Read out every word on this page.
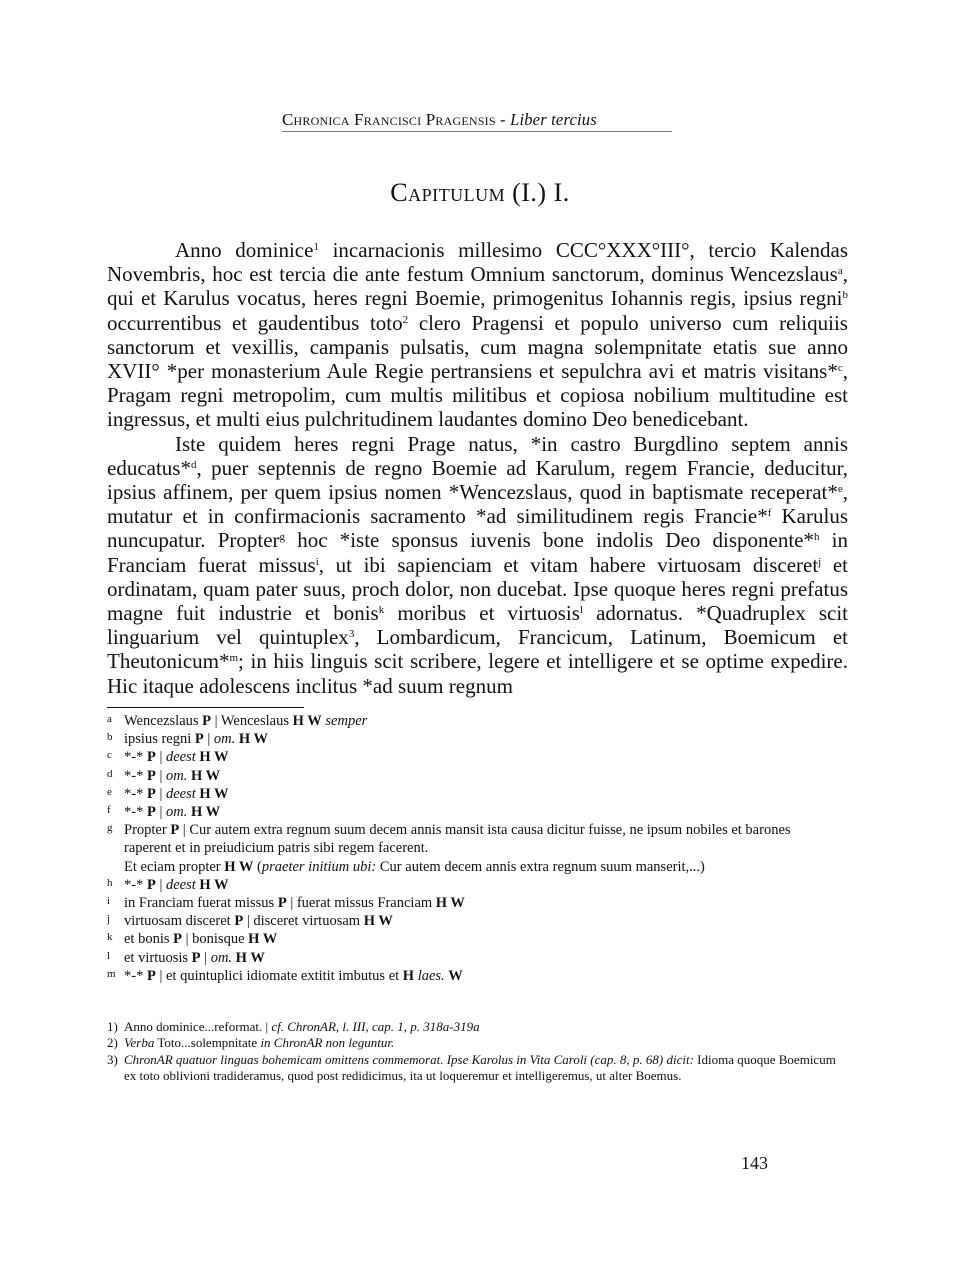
Chronica Francisci Pragensis - Liber tercius
Capitulum (I.) I.

Anno dominice$^1$ incarnacionis millesimo CCC°XXX°III°, tercio Kalendas Novembris, hoc est tercia die ante festum Omnium sanctorum, dominus Wencezslaus$^a$, qui et Karulus vocatus, heres regni Boemie, primogenitus Iohannis regis, ipsius regni$^b$ occurrentibus et gaudentibus toto$^2$ clero Pragensi et populo universo cum reliquiis sanctorum et vexillis, campanis pulsatis, cum magna solempnitate etatis sue anno XVII° *per monasterium Aule Regie pertransiens et sepulchra avi et matris visitans*$^c$, Pragam regni metropolim, cum multis militibus et copiosa nobilium multitudine est ingressus, et multi eius pulchritudinem laudantes domino Deo benedicebant.

Iste quidem heres regni Prage natus, *in castro Burgdlino septem annis educatus*$^d$, puer septennis de regno Boemie ad Karulum, regem Francie, deducitur, ipsius affinem, per quem ipsius nomen *Wencezslaus, quod in baptismate receperat*$^e$, mutatur et in confirmacionis sacramento *ad similitudinem regis Francie*$^f$ Karulus nuncupatur. Propter$^g$ hoc *iste sponsus iuvenis bone indolis Deo disponente*$^h$ in Franciam fuerat missus$^i$, ut ibi sapienciam et vitam habere virtuosam disceret$^j$ et ordinatam, quam pater suus, proch dolor, non ducebat. Ipse quoque heres regni prefatus magne fuit industrie et bonis$^k$ moribus et virtuosis$^l$ adornatus. *Quadruplex scit linguarium vel quintuplex$^3$, Lombardicum, Francicum, Latinum, Boemicum et Theutonicum*$^m$; in hiis linguis scit scribere, legere et intelligere et se optime expedire. Hic itaque adolescens inclitus *ad suum regnum

a Wencezslaus P | Wenceslaus H W semper
b ipsius regni P | om. H W
c *-* P | deest H W
d *-* P | om. H W
e *-* P | deest H W
f *-* P | om. H W
g Propter P | Cur autem extra regnum suum decem annis mansit ista causa dicitur fuisse, ne ipsum nobiles et barones raperent et in preiudicium patris sibi regem facerent.
Et eciam propter H W (praeter initium ubi: Cur autem decem annis extra regnum suum manserit,...)
h *-* P | deest H W
i in Franciam fuerat missus P | fuerat missus Franciam H W
j virtuosam disceret P | disceret virtuosam H W
k et bonis P | bonisque H W
l et virtuosis P | om. H W
m *-* P | et quintuplici idiomate extitit imbutus et H laes. W
1) Anno dominice...reformat. | cf. ChronAR, l. III, cap. 1, p. 318a-319a
2) Verba Toto...solempnitate in ChronAR non leguntur.
3) ChronAR quatuor linguas bohemicam omittens commemorat. Ipse Karolus in Vita Caroli (cap. 8, p. 68) dicit: Idioma quoque Boemicum ex toto oblivioni tradideramus, quod post redidicimus, ita ut loqueremur et intelligeremus, ut alter Boemus.
143
